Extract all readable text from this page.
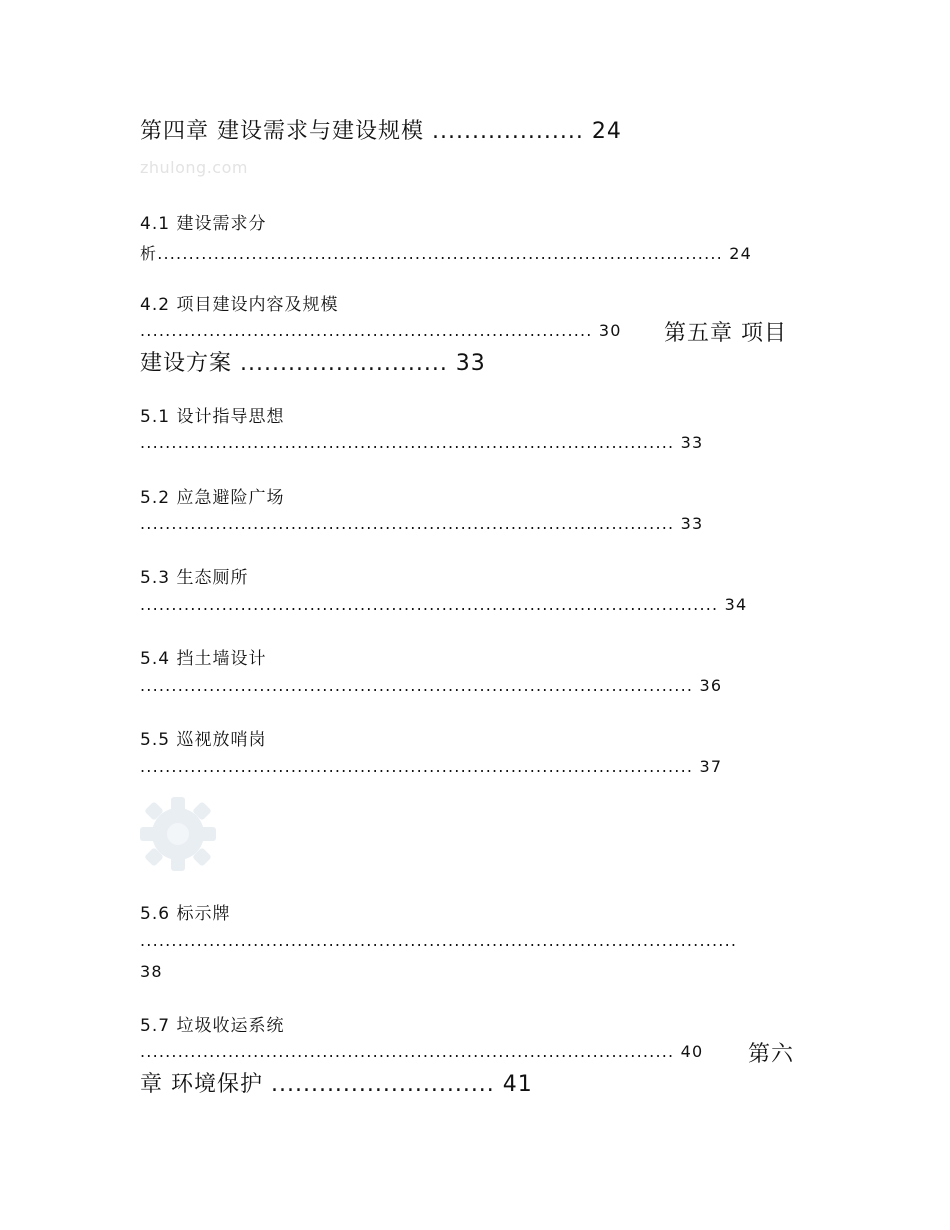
zhulong.com
第四章 建设需求与建设规模 ................... 24
4.1 建设需求分
析.......................................................................................... 24
4.2 项目建设内容及规模
........................................................................ 30 第五章 项目
建设方案 .......................... 33
5.1 设计指导思想
..................................................................................... 33
5.2 应急避险广场
..................................................................................... 33
5.3 生态厕所
............................................................................................ 34
5.4 挡土墙设计
........................................................................................ 36
5.5 巡视放哨岗
........................................................................................ 37
5.6 标示牌
...............................................................................................
38
5.7 垃圾收运系统
..................................................................................... 40 第六
章 环境保护 ............................ 41
